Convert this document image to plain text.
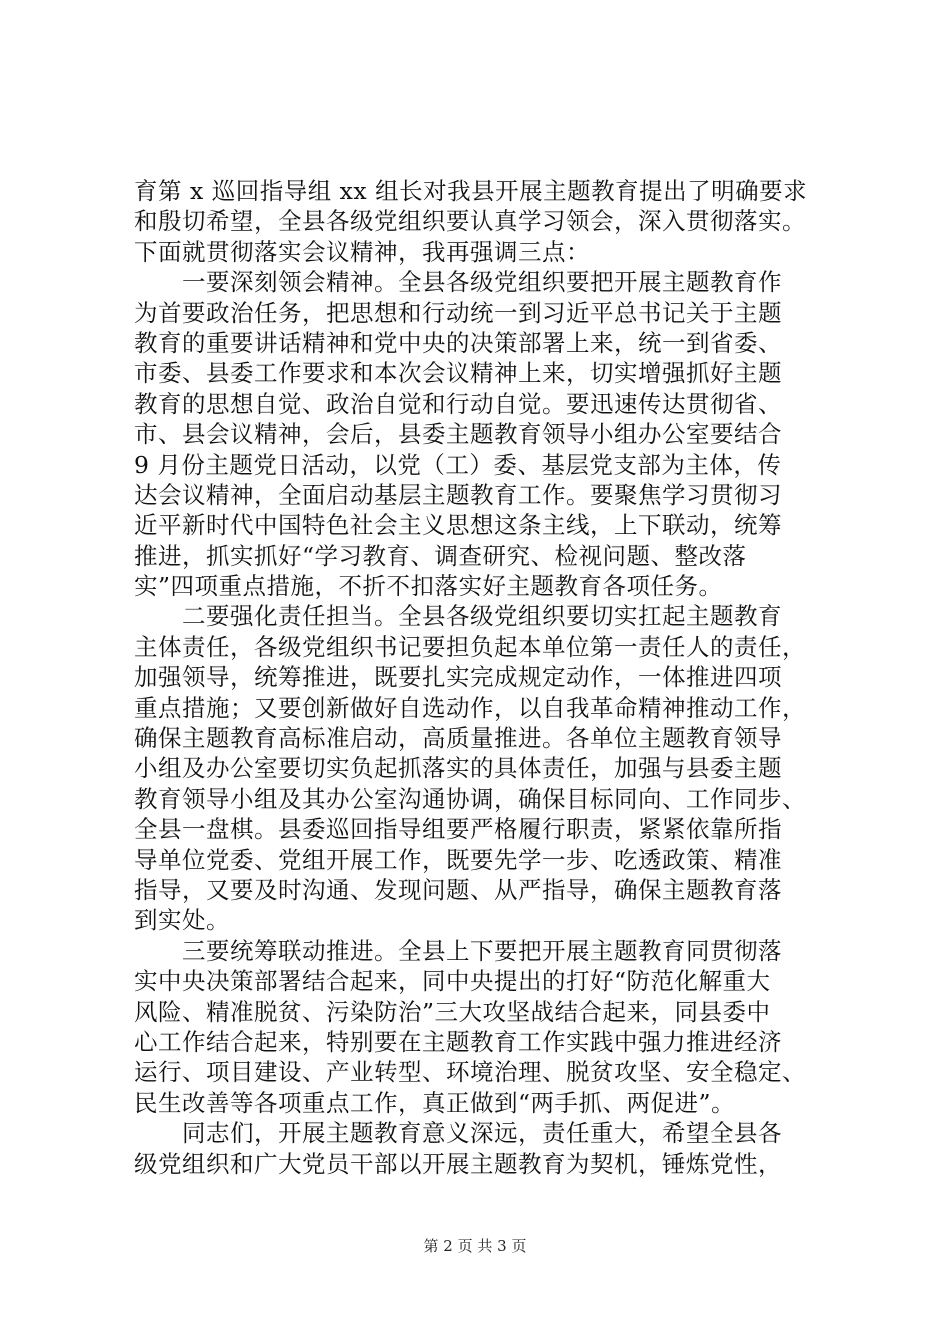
育第 x 巡回指导组 xx 组长对我县开展主题教育提出了明确要求
和殷切希望，全县各级党组织要认真学习领会，深入贯彻落实。
下面就贯彻落实会议精神，我再强调三点：
　　一要深刻领会精神。全县各级党组织要把开展主题教育作
为首要政治任务，把思想和行动统一到习近平总书记关于主题
教育的重要讲话精神和党中央的决策部署上来，统一到省委、
市委、县委工作要求和本次会议精神上来，切实增强抓好主题
教育的思想自觉、政治自觉和行动自觉。要迅速传达贯彻省、
市、县会议精神，会后，县委主题教育领导小组办公室要结合
9 月份主题党日活动，以党（工）委、基层党支部为主体，传
达会议精神，全面启动基层主题教育工作。要聚焦学习贯彻习
近平新时代中国特色社会主义思想这条主线，上下联动，统筹
推进，抓实抓好“学习教育、调查研究、检视问题、整改落
实”四项重点措施，不折不扣落实好主题教育各项任务。
　　二要强化责任担当。全县各级党组织要切实扛起主题教育
主体责任，各级党组织书记要担负起本单位第一责任人的责任，
加强领导，统筹推进，既要扎实完成规定动作，一体推进四项
重点措施；又要创新做好自选动作，以自我革命精神推动工作，
确保主题教育高标准启动，高质量推进。各单位主题教育领导
小组及办公室要切实负起抓落实的具体责任，加强与县委主题
教育领导小组及其办公室沟通协调，确保目标同向、工作同步、
全县一盘棋。县委巡回指导组要严格履行职责，紧紧依靠所指
导单位党委、党组开展工作，既要先学一步、吃透政策、精准
指导，又要及时沟通、发现问题、从严指导，确保主题教育落
到实处。
　　三要统筹联动推进。全县上下要把开展主题教育同贯彻落
实中央决策部署结合起来，同中央提出的打好“防范化解重大
风险、精准脱贫、污染防治”三大攻坚战结合起来，同县委中
心工作结合起来，特别要在主题教育工作实践中强力推进经济
运行、项目建设、产业转型、环境治理、脱贫攻坚、安全稳定、
民生改善等各项重点工作，真正做到“两手抓、两促进”。
　　同志们，开展主题教育意义深远，责任重大，希望全县各
级党组织和广大党员干部以开展主题教育为契机，锤炼党性，
第 2 页 共 3 页
